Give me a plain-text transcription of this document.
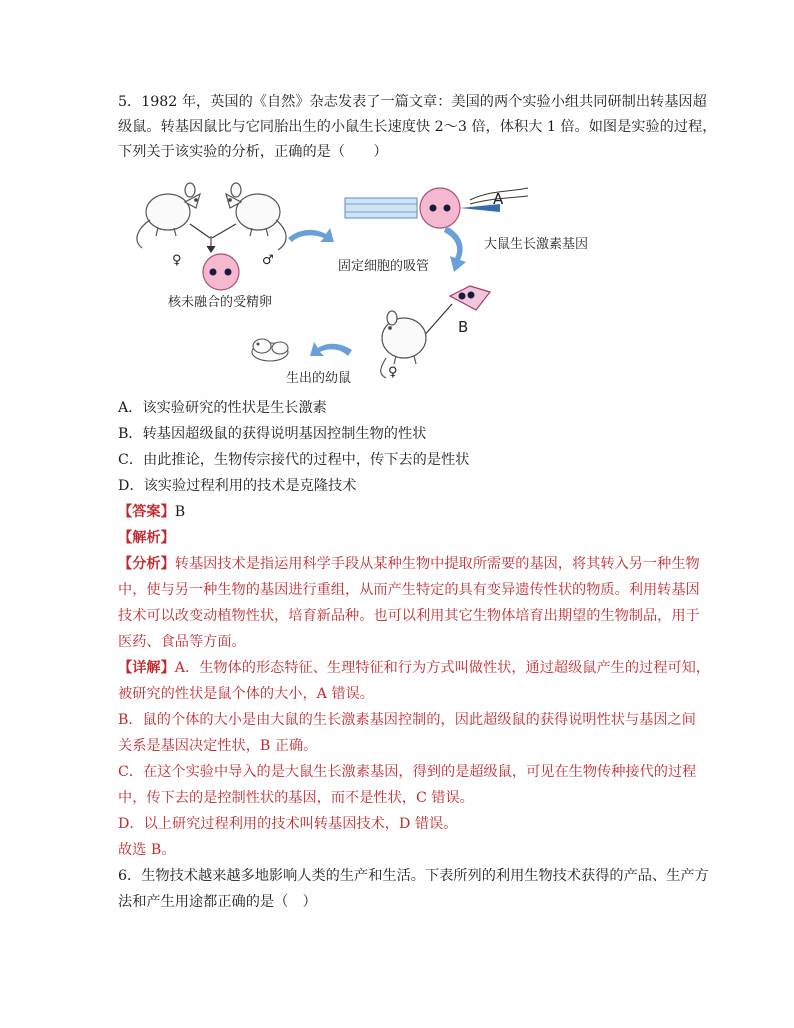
5．1982 年，英国的《自然》杂志发表了一篇文章：美国的两个实验小组共同研制出转基因超
级鼠。转基因鼠比与它同胎出生的小鼠生长速度快 2～3 倍，体积大 1 倍。如图是实验的过程，
下列关于该实验的分析，正确的是（　　）
♀	♂
核未融合的受精卵
A
大鼠生长激素基因
固定细胞的吸管
B
♀
生出的幼鼠
A．该实验研究的性状是生长激素
B．转基因超级鼠的获得说明基因控制生物的性状
C．由此推论，生物传宗接代的过程中，传下去的是性状
D．该实验过程利用的技术是克隆技术
【答案】B
【解析】
【分析】转基因技术是指运用科学手段从某种生物中提取所需要的基因，将其转入另一种生物
中，使与另一种生物的基因进行重组，从而产生特定的具有变异遗传性状的物质。利用转基因
技术可以改变动植物性状，培育新品种。也可以利用其它生物体培育出期望的生物制品，用于
医药、食品等方面。
【详解】A．生物体的形态特征、生理特征和行为方式叫做性状，通过超级鼠产生的过程可知，
被研究的性状是鼠个体的大小，A 错误。
B．鼠的个体的大小是由大鼠的生长激素基因控制的，因此超级鼠的获得说明性状与基因之间
关系是基因决定性状，B 正确。
C．在这个实验中导入的是大鼠生长激素基因，得到的是超级鼠，可见在生物传种接代的过程
中，传下去的是控制性状的基因，而不是性状，C 错误。
D．以上研究过程利用的技术叫转基因技术，D 错误。
故选 B。
6．生物技术越来越多地影响人类的生产和生活。下表所列的利用生物技术获得的产品、生产方
法和产生用途都正确的是（　）
